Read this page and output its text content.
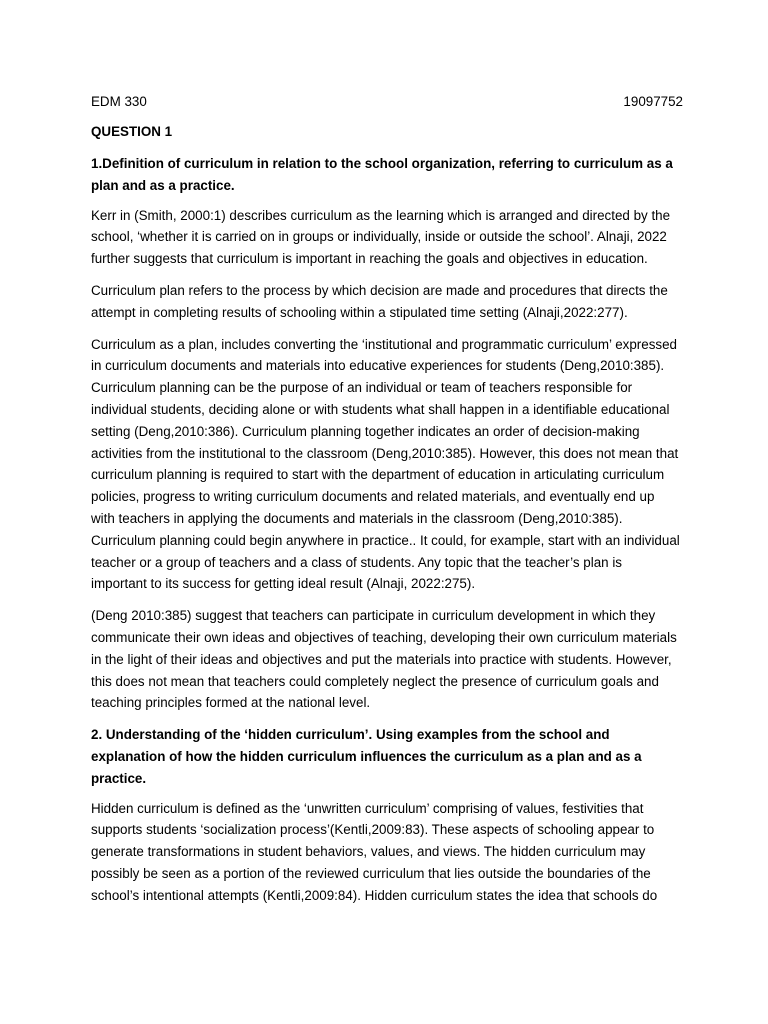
EDM 330	19097752
QUESTION 1
1.Definition of curriculum in relation to the school organization, referring to curriculum as a plan and as a practice.

Kerr in (Smith, 2000:1) describes curriculum as the learning which is arranged and directed by the school, ‘whether it is carried on in groups or individually, inside or outside the school’. Alnaji, 2022 further suggests that curriculum is important in reaching the goals and objectives in education.

Curriculum plan refers to the process by which decision are made and procedures that directs the attempt in completing results of schooling within a stipulated time setting (Alnaji,2022:277).

Curriculum as a plan, includes converting the ‘institutional and programmatic curriculum’ expressed in curriculum documents and materials into educative experiences for students (Deng,2010:385). Curriculum planning can be the purpose of an individual or team of teachers responsible for individual students, deciding alone or with students what shall happen in a identifiable educational setting (Deng,2010:386). Curriculum planning together indicates an order of decision-making activities from the institutional to the classroom (Deng,2010:385). However, this does not mean that curriculum planning is required to start with the department of education in articulating curriculum policies, progress to writing curriculum documents and related materials, and eventually end up with teachers in applying the documents and materials in the classroom (Deng,2010:385). Curriculum planning could begin anywhere in practice.. It could, for example, start with an individual teacher or a group of teachers and a class of students. Any topic that the teacher’s plan is important to its success for getting ideal result (Alnaji, 2022:275).

(Deng 2010:385) suggest that teachers can participate in curriculum development in which they communicate their own ideas and objectives of teaching, developing their own curriculum materials in the light of their ideas and objectives and put the materials into practice with students. However, this does not mean that teachers could completely neglect the presence of curriculum goals and teaching principles formed at the national level.

2. Understanding of the ‘hidden curriculum’. Using examples from the school and explanation of how the hidden curriculum influences the curriculum as a plan and as a practice.

Hidden curriculum is defined as the ‘unwritten curriculum’ comprising of values, festivities that supports students ‘socialization process’(Kentli,2009:83). These aspects of schooling appear to generate transformations in student behaviors, values, and views. The hidden curriculum may possibly be seen as a portion of the reviewed curriculum that lies outside the boundaries of the school’s intentional attempts (Kentli,2009:84). Hidden curriculum states the idea that schools do
